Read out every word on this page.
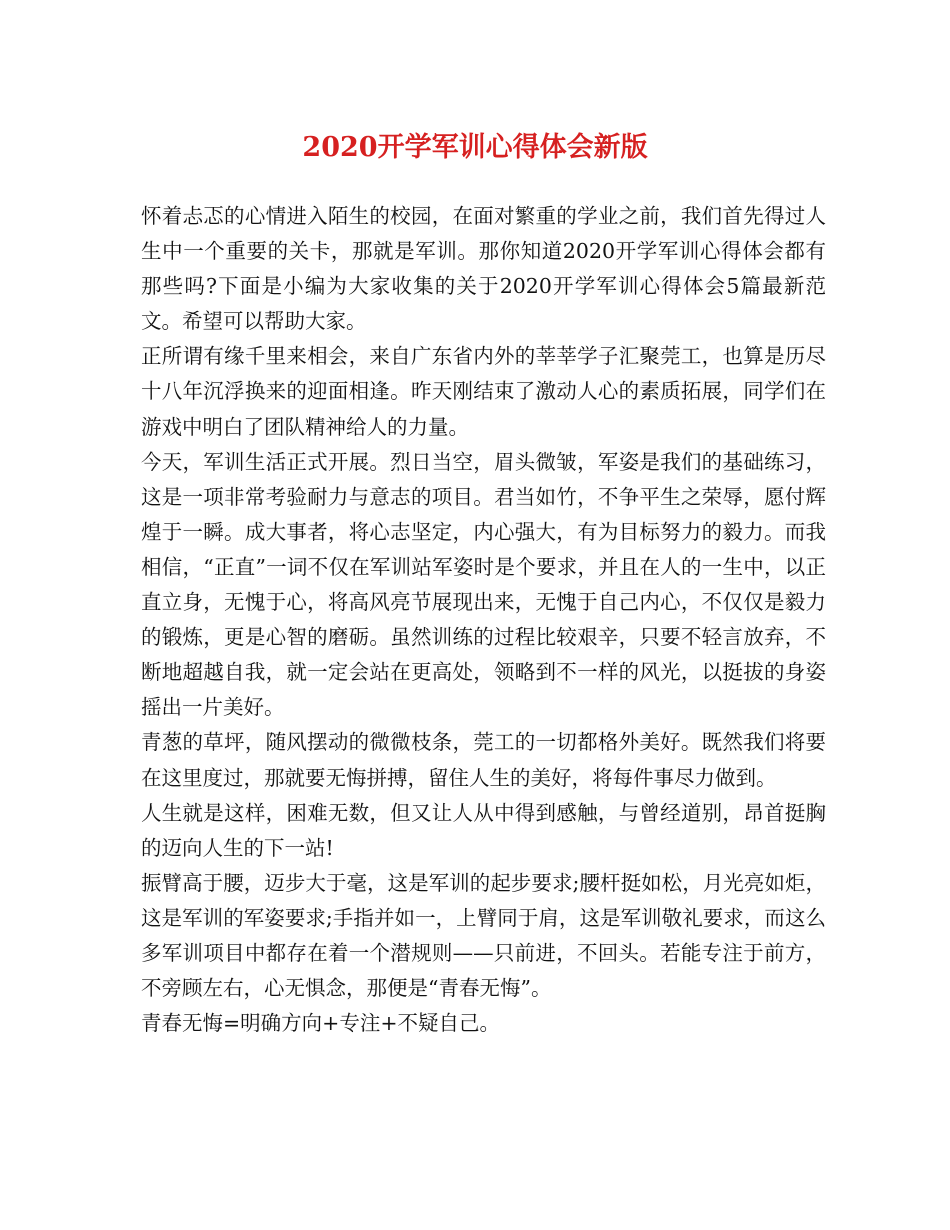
2020开学军训心得体会新版

怀着忐忑的心情进入陌生的校园，在面对繁重的学业之前，我们首先得过人生中一个重要的关卡，那就是军训。那你知道2020开学军训心得体会都有那些吗?下面是小编为大家收集的关于2020开学军训心得体会5篇最新范文。希望可以帮助大家。

正所谓有缘千里来相会，来自广东省内外的莘莘学子汇聚莞工，也算是历尽十八年沉浮换来的迎面相逢。昨天刚结束了激动人心的素质拓展，同学们在游戏中明白了团队精神给人的力量。

今天，军训生活正式开展。烈日当空，眉头微皱，军姿是我们的基础练习，这是一项非常考验耐力与意志的项目。君当如竹，不争平生之荣辱，愿付辉煌于一瞬。成大事者，将心志坚定，内心强大，有为目标努力的毅力。而我相信，“正直”一词不仅在军训站军姿时是个要求，并且在人的一生中，以正直立身，无愧于心，将高风亮节展现出来，无愧于自己内心，不仅仅是毅力的锻炼，更是心智的磨砺。虽然训练的过程比较艰辛，只要不轻言放弃，不断地超越自我，就一定会站在更高处，领略到不一样的风光，以挺拔的身姿摇出一片美好。

青葱的草坪，随风摆动的微微枝条，莞工的一切都格外美好。既然我们将要在这里度过，那就要无悔拼搏，留住人生的美好，将每件事尽力做到。

人生就是这样，困难无数，但又让人从中得到感触，与曾经道别，昂首挺胸的迈向人生的下一站!

振臂高于腰，迈步大于毫，这是军训的起步要求;腰杆挺如松，月光亮如炬，这是军训的军姿要求;手指并如一，上臂同于肩，这是军训敬礼要求，而这么多军训项目中都存在着一个潜规则——只前进，不回头。若能专注于前方，不旁顾左右，心无惧念，那便是“青春无悔”。

青春无悔=明确方向+专注+不疑自己。
